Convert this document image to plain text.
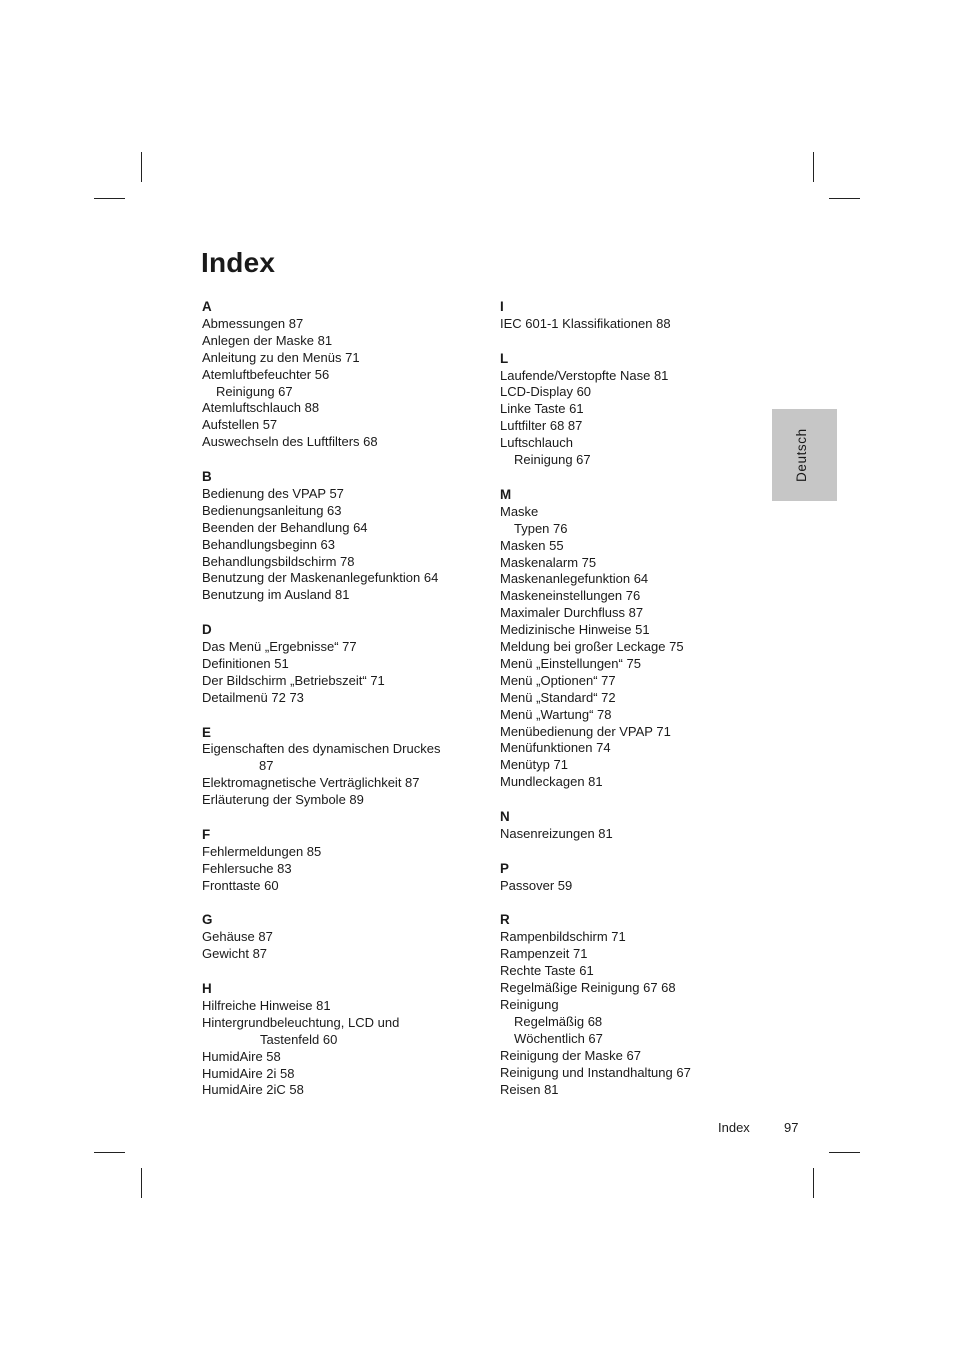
Index
A
Abmessungen 87
Anlegen der Maske 81
Anleitung zu den Menüs 71
Atemluftbefeuchter 56
Reinigung 67
Atemluftschlauch 88
Aufstellen 57
Auswechseln des Luftfilters 68
B
Bedienung des VPAP 57
Bedienungsanleitung 63
Beenden der Behandlung 64
Behandlungsbeginn 63
Behandlungsbildschirm 78
Benutzung der Maskenanlegefunktion 64
Benutzung im Ausland 81
D
Das Menü „Ergebnisse“ 77
Definitionen 51
Der Bildschirm „Betriebszeit“ 71
Detailmenü 72 73
E
Eigenschaften des dynamischen Druckes
87
Elektromagnetische Verträglichkeit 87
Erläuterung der Symbole 89
F
Fehlermeldungen 85
Fehlersuche 83
Fronttaste 60
G
Gehäuse 87
Gewicht 87
H
Hilfreiche Hinweise 81
Hintergrundbeleuchtung, LCD und
Tastenfeld 60
HumidAire 58
HumidAire 2i 58
HumidAire 2iC 58
I
IEC 601-1 Klassifikationen 88
L
Laufende/Verstopfte Nase 81
LCD-Display 60
Linke Taste 61
Luftfilter 68 87
Luftschlauch
Reinigung 67
M
Maske
Typen 76
Masken 55
Maskenalarm 75
Maskenanlegefunktion 64
Maskeneinstellungen 76
Maximaler Durchfluss 87
Medizinische Hinweise 51
Meldung bei großer Leckage 75
Menü „Einstellungen“ 75
Menü „Optionen“ 77
Menü „Standard“ 72
Menü „Wartung“ 78
Menübedienung der VPAP 71
Menüfunktionen 74
Menütyp 71
Mundleckagen 81
N
Nasenreizungen 81
P
Passover 59
R
Rampenbildschirm 71
Rampenzeit 71
Rechte Taste 61
Regelmäßige Reinigung 67 68
Reinigung
Regelmäßig 68
Wöchentlich 67
Reinigung der Maske 67
Reinigung und Instandhaltung 67
Reisen 81
Deutsch
Index	97
